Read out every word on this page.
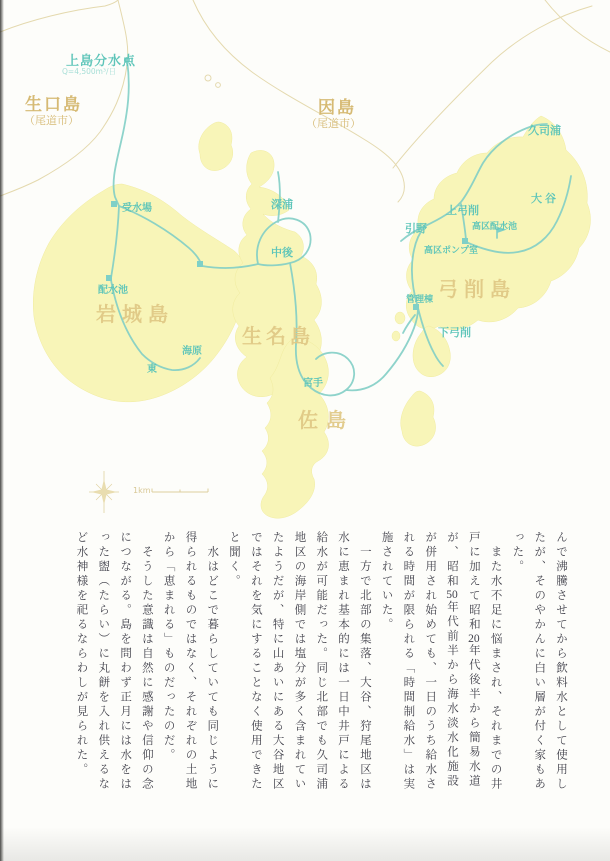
上島分水点
Q=4,500m³/日
生口島
（尾道市）
因島
（尾道市）
受水場
配水池
岩城島
海原
東
深浦
中後
生名島
宮手
佐島
久司浦
大谷
上弓削
引野	高区配水池
高区ポンプ室
弓削島
管理棟
下弓削
1km

んで沸騰させてから飲料水として使用したが、そのやかんに白い層が付く家もあった。

　また水不足に悩まされ、それまでの井戸に加えて昭和20年代後半から簡易水道が、昭和50年代前半から海水淡水化施設が併用され始めても、一日のうち給水される時間が限られる「時間制給水」は実施されていた。

　一方で北部の集落、大谷、狩尾地区は水に恵まれ基本的には一日中井戸による給水が可能だった。同じ北部でも久司浦地区の海岸側では塩分が多く含まれていたようだが、特に山あいにある大谷地区ではそれを気にすることなく使用できたと聞く。

　水はどこで暮らしていても同じように得られるものではなく、それぞれの土地から「恵まれる」ものだったのだ。

　そうした意識は自然に感謝や信仰の念につながる。島を問わず正月には水をはった盥（たらい）に丸餅を入れ供えるなど水神様を祀るならわしが見られた。
